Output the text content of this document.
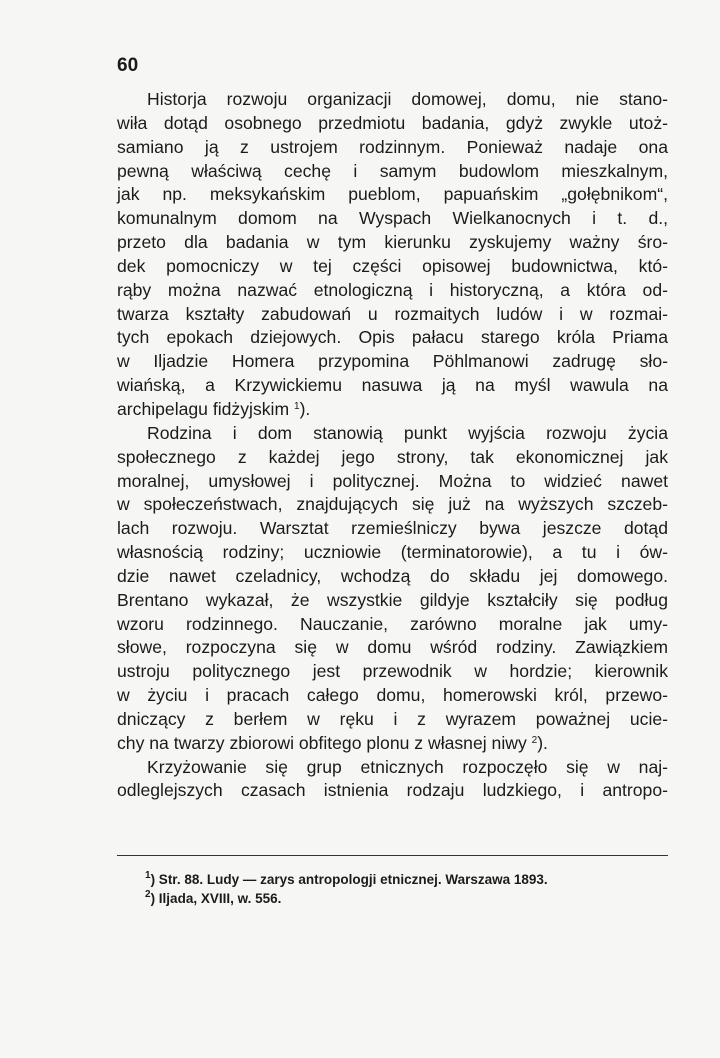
60
Historja rozwoju organizacji domowej, domu, nie stano-
wiła dotąd osobnego przedmiotu badania, gdyż zwykle utoż-
samiano ją z ustrojem rodzinnym. Ponieważ nadaje ona
pewną właściwą cechę i samym budowlom mieszkalnym,
jak np. meksykańskim pueblom, papuańskim „gołębnikom“,
komunalnym domom na Wyspach Wielkanocnych i t. d.,
przeto dla badania w tym kierunku zyskujemy ważny śro-
dek pomocniczy w tej części opisowej budownictwa, któ-
rąby można nazwać etnologiczną i historyczną, a która od-
twarza kształty zabudowań u rozmaitych ludów i w rozmai-
tych epokach dziejowych. Opis pałacu starego króla Priama
w Iljadzie Homera przypomina Pöhlmanowi zadrugę sło-
wiańską, a Krzywickiemu nasuwa ją na myśl wawula na
archipelagu fidżyjskim $^1$).
Rodzina i dom stanowią punkt wyjścia rozwoju życia
społecznego z każdej jego strony, tak ekonomicznej jak
moralnej, umysłowej i politycznej. Można to widzieć nawet
w społeczeństwach, znajdujących się już na wyższych szczeb-
lach rozwoju. Warsztat rzemieślniczy bywa jeszcze dotąd
własnością rodziny; uczniowie (terminatorowie), a tu i ów-
dzie nawet czeladnicy, wchodzą do składu jej domowego.
Brentano wykazał, że wszystkie gildyje kształciły się podług
wzoru rodzinnego. Nauczanie, zarówno moralne jak umy-
słowe, rozpoczyna się w domu wśród rodziny. Zawiązkiem
ustroju politycznego jest przewodnik w hordzie; kierownik
w życiu i pracach całego domu, homerowski król, przewo-
dniczący z berłem w ręku i z wyrazem poważnej ucie-
chy na twarzy zbiorowi obfitego plonu z własnej niwy $^2$).
Krzyżowanie się grup etnicznych rozpoczęło się w naj-
odleglejszych czasach istnienia rodzaju ludzkiego, i antropo-
$^1$) Str. 88. Ludy — zarys antropologji etnicznej. Warszawa 1893.
$^2$) Iljada, XVIII, w. 556.
